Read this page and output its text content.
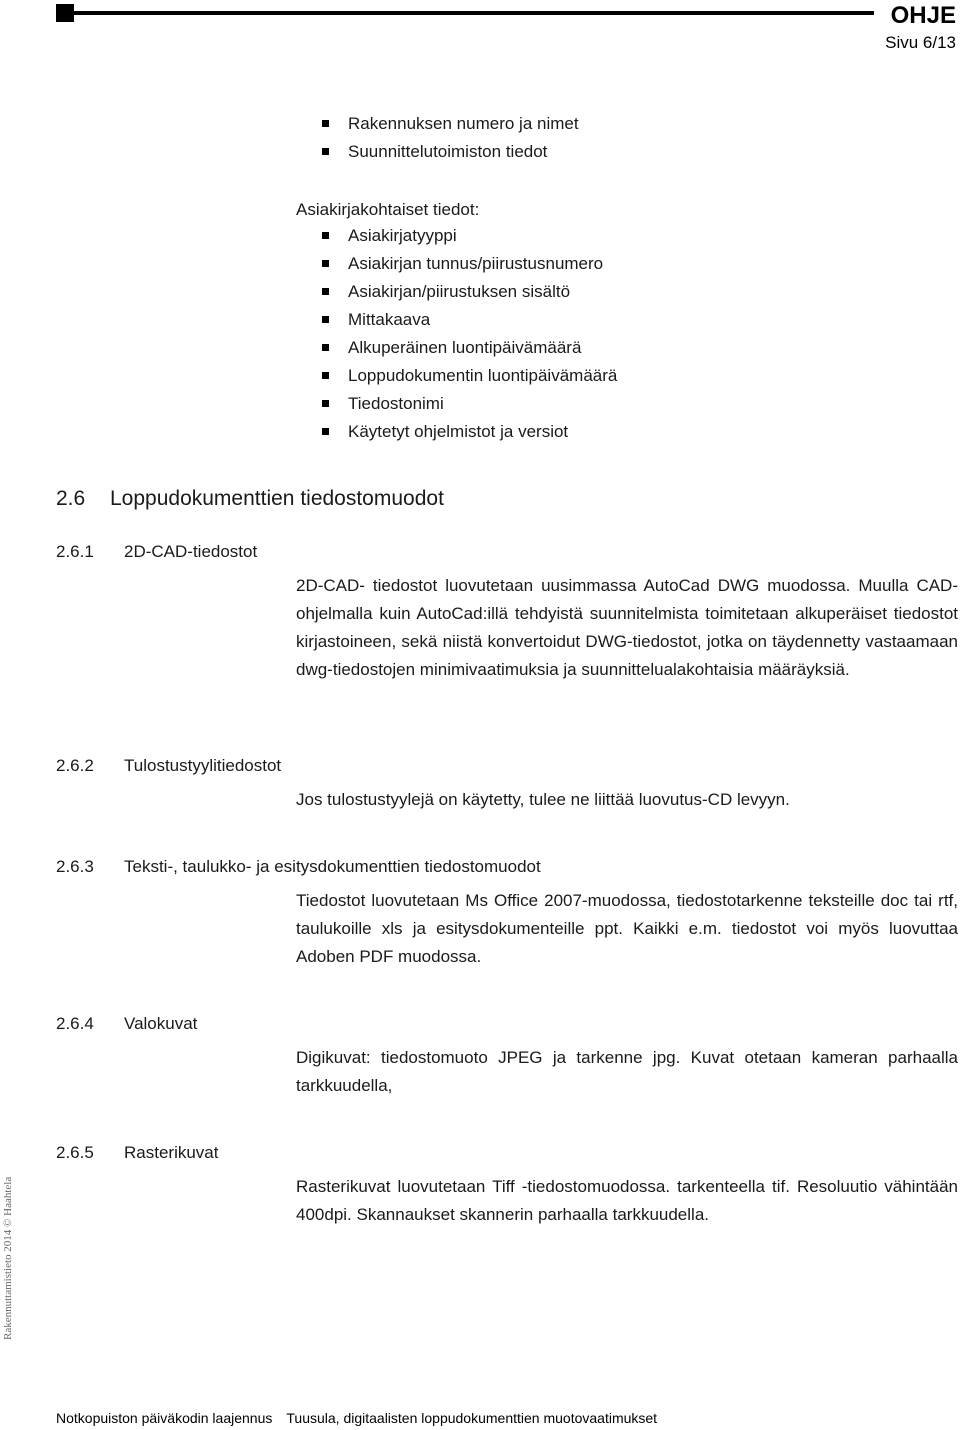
OHJE
Sivu 6/13
Rakennuksen numero ja nimet
Suunnittelutoimiston tiedot
Asiakirjakohtaiset tiedot:
Asiakirjatyyppi
Asiakirjan tunnus/piirustusnumero
Asiakirjan/piirustuksen sisältö
Mittakaava
Alkuperäinen luontipäivämäärä
Loppudokumentin luontipäivämäärä
Tiedostonimi
Käytetyt ohjelmistot ja versiot
2.6 Loppudokumenttien tiedostomuodot
2.6.1 2D-CAD-tiedostot

2D-CAD- tiedostot luovutetaan uusimmassa AutoCad DWG muodossa. Muulla CAD-ohjelmalla kuin AutoCad:illä tehdyistä suunnitelmista toimitetaan alkuperäiset tiedostot kirjastoineen, sekä niistä konvertoidut DWG-tiedostot, jotka on täydennetty vastaamaan dwg-tiedostojen minimivaatimuksia ja suunnittelualakohtaisia määräyksiä.

2.6.2 Tulostustyylitiedostot

Jos tulostustyylejä on käytetty, tulee ne liittää luovutus-CD levyyn.

2.6.3 Teksti-, taulukko- ja esitysdokumenttien tiedostomuodot

Tiedostot luovutetaan Ms Office 2007-muodossa, tiedostotarkenne teksteille doc tai rtf, taulukoille xls ja esitysdokumenteille ppt. Kaikki e.m. tiedostot voi myös luovuttaa Adoben PDF muodossa.

2.6.4 Valokuvat

Digikuvat: tiedostomuoto JPEG ja tarkenne jpg. Kuvat otetaan kameran parhaalla tarkkuudella,

2.6.5 Rasterikuvat

Rasterikuvat luovutetaan Tiff -tiedostomuodossa. tarkenteella tif. Resoluutio vähintään 400dpi. Skannaukset skannerin parhaalla tarkkuudella.

Rakennuttamistieto 2014 © Haahtela
Notkopuiston päiväkodin laajennus Tuusula, digitaalisten loppudokumenttien muotovaatimukset
